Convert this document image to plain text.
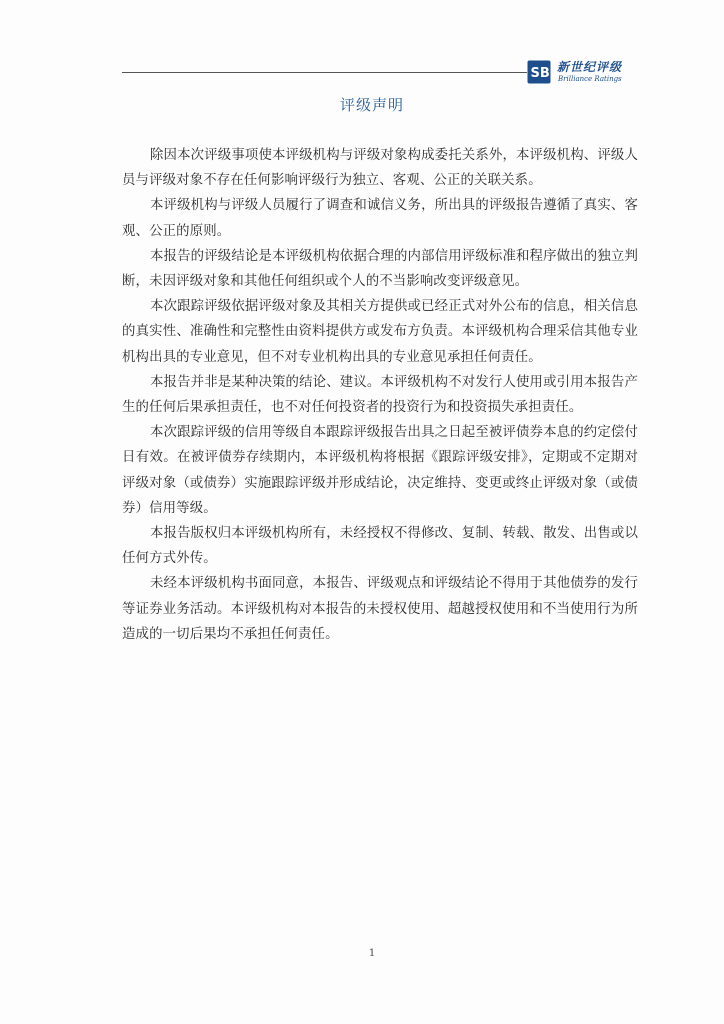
SB 新世纪评级
Brilliance Ratings
评级声明

除因本次评级事项使本评级机构与评级对象构成委托关系外，本评级机构、评级人员与评级对象不存在任何影响评级行为独立、客观、公正的关联关系。

本评级机构与评级人员履行了调查和诚信义务，所出具的评级报告遵循了真实、客观、公正的原则。

本报告的评级结论是本评级机构依据合理的内部信用评级标准和程序做出的独立判断，未因评级对象和其他任何组织或个人的不当影响改变评级意见。

本次跟踪评级依据评级对象及其相关方提供或已经正式对外公布的信息，相关信息的真实性、准确性和完整性由资料提供方或发布方负责。本评级机构合理采信其他专业机构出具的专业意见，但不对专业机构出具的专业意见承担任何责任。

本报告并非是某种决策的结论、建议。本评级机构不对发行人使用或引用本报告产生的任何后果承担责任，也不对任何投资者的投资行为和投资损失承担责任。

本次跟踪评级的信用等级自本跟踪评级报告出具之日起至被评债券本息的约定偿付日有效。在被评债券存续期内，本评级机构将根据《跟踪评级安排》，定期或不定期对评级对象（或债券）实施跟踪评级并形成结论，决定维持、变更或终止评级对象（或债券）信用等级。

本报告版权归本评级机构所有，未经授权不得修改、复制、转载、散发、出售或以任何方式外传。

未经本评级机构书面同意，本报告、评级观点和评级结论不得用于其他债券的发行等证券业务活动。本评级机构对本报告的未授权使用、超越授权使用和不当使用行为所造成的一切后果均不承担任何责任。

1
